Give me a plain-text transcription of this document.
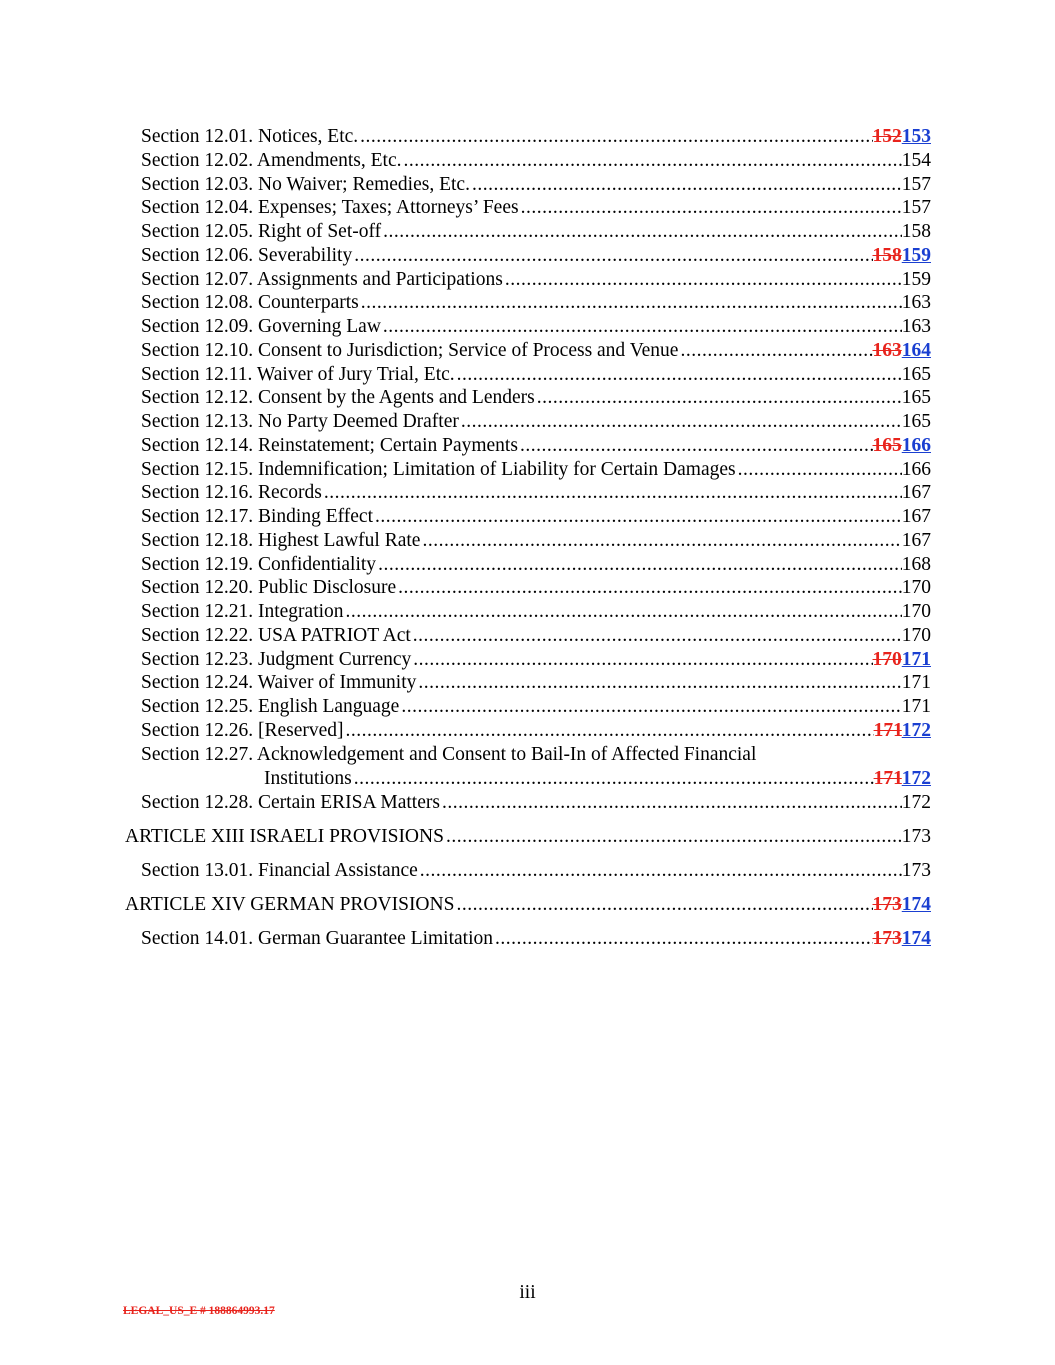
Section 12.01. Notices, Etc. .....	152153
Section 12.02. Amendments, Etc. .....	154
Section 12.03. No Waiver; Remedies, Etc. .....	157
Section 12.04. Expenses; Taxes; Attorneys’ Fees .....	157
Section 12.05. Right of Set-off .....	158
Section 12.06. Severability .....	158159
Section 12.07. Assignments and Participations .....	159
Section 12.08. Counterparts .....	163
Section 12.09. Governing Law .....	163
Section 12.10. Consent to Jurisdiction; Service of Process and Venue .....	163164
Section 12.11. Waiver of Jury Trial, Etc. .....	165
Section 12.12. Consent by the Agents and Lenders .....	165
Section 12.13. No Party Deemed Drafter .....	165
Section 12.14. Reinstatement; Certain Payments .....	165166
Section 12.15. Indemnification; Limitation of Liability for Certain Damages .....	166
Section 12.16. Records .....	167
Section 12.17. Binding Effect .....	167
Section 12.18. Highest Lawful Rate .....	167
Section 12.19. Confidentiality .....	168
Section 12.20. Public Disclosure .....	170
Section 12.21. Integration .....	170
Section 12.22. USA PATRIOT Act .....	170
Section 12.23. Judgment Currency .....	170171
Section 12.24. Waiver of Immunity .....	171
Section 12.25. English Language .....	171
Section 12.26. [Reserved] .....	171172
Section 12.27. Acknowledgement and Consent to Bail-In of Affected Financial
Institutions .....	171172
Section 12.28. Certain ERISA Matters .....	172
ARTICLE XIII ISRAELI PROVISIONS .....	173
Section 13.01. Financial Assistance .....	173
ARTICLE XIV GERMAN PROVISIONS .....	173174
Section 14.01. German Guarantee Limitation .....	173174
iii
LEGAL_US_E # 188864993.17
